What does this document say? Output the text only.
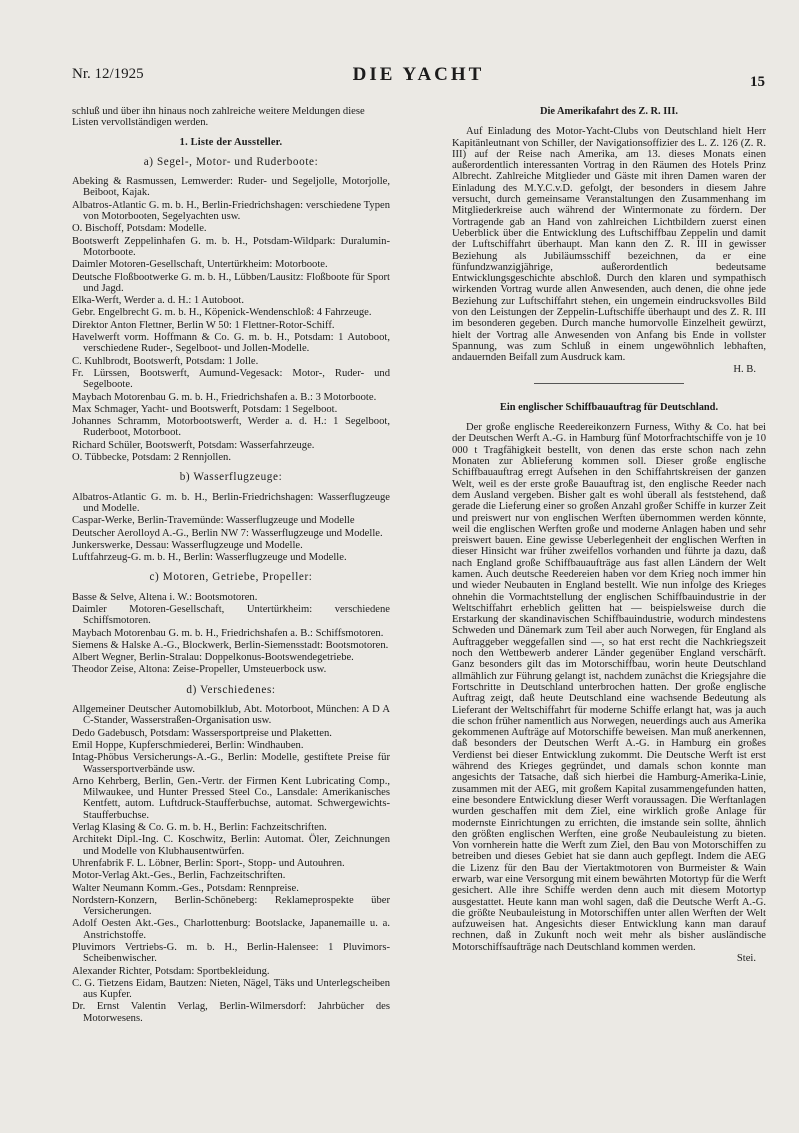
Nr. 12/1925	DIE YACHT	15

schluß und über ihn hinaus noch zahlreiche weitere Meldungen diese Listen vervollständigen werden.

1. Liste der Aussteller.
a) Segel-, Motor- und Ruderboote:
Abeking & Rasmussen, Lemwerder: Ruder- und Segeljolle, Motorjolle, Beiboot, Kajak.
Albatros-Atlantic G. m. b. H., Berlin-Friedrichshagen: verschiedene Typen von Motorbooten, Segelyachten usw.
O. Bischoff, Potsdam: Modelle.
Bootswerft Zeppelinhafen G. m. b. H., Potsdam-Wildpark: Duralumin-Motorboote.
Daimler Motoren-Gesellschaft, Untertürkheim: Motorboote.
Deutsche Floßbootwerke G. m. b. H., Lübben/Lausitz: Floßboote für Sport und Jagd.
Elka-Werft, Werder a. d. H.: 1 Autoboot.
Gebr. Engelbrecht G. m. b. H., Köpenick-Wendenschloß: 4 Fahrzeuge.
Direktor Anton Flettner, Berlin W 50: 1 Flettner-Rotor-Schiff.
Havelwerft vorm. Hoffmann & Co. G. m. b. H., Potsdam: 1 Autoboot, verschiedene Ruder-, Segelboot- und Jollen-Modelle.
C. Kuhlbrodt, Bootswerft, Potsdam: 1 Jolle.
Fr. Lürssen, Bootswerft, Aumund-Vegesack: Motor-, Ruder- und Segelboote.
Maybach Motorenbau G. m. b. H., Friedrichshafen a. B.: 3 Motorboote.
Max Schmager, Yacht- und Bootswerft, Potsdam: 1 Segelboot.
Johannes Schramm, Motorbootswerft, Werder a. d. H.: 1 Segelboot, Ruderboot, Motorboot.
Richard Schüler, Bootswerft, Potsdam: Wasserfahrzeuge.
O. Tübbecke, Potsdam: 2 Rennjollen.
b) Wasserflugzeuge:
Albatros-Atlantic G. m. b. H., Berlin-Friedrichshagen: Wasserflugzeuge und Modelle.
Caspar-Werke, Berlin-Travemünde: Wasserflugzeuge und Modelle
Deutscher Aerolloyd A.-G., Berlin NW 7: Wasserflugzeuge und Modelle.
Junkerswerke, Dessau: Wasserflugzeuge und Modelle.
Luftfahrzeug-G. m. b. H., Berlin: Wasserflugzeuge und Modelle.
c) Motoren, Getriebe, Propeller:
Basse & Selve, Altena i. W.: Bootsmotoren.
Daimler Motoren-Gesellschaft, Untertürkheim: verschiedene Schiffsmotoren.
Maybach Motorenbau G. m. b. H., Friedrichshafen a. B.: Schiffsmotoren.
Siemens & Halske A.-G., Blockwerk, Berlin-Siemensstadt: Bootsmotoren.
Albert Wegner, Berlin-Stralau: Doppelkonus-Bootswendegetriebe.
Theodor Zeise, Altona: Zeise-Propeller, Umsteuerbock usw.
d) Verschiedenes:
Allgemeiner Deutscher Automobilklub, Abt. Motorboot, München: A D A C-Stander, Wasserstraßen-Organisation usw.
Dedo Gadebusch, Potsdam: Wassersportpreise und Plaketten.
Emil Hoppe, Kupferschmiederei, Berlin: Windhauben.
Intag-Phöbus Versicherungs-A.-G., Berlin: Modelle, gestiftete Preise für Wassersportverbände usw.
Arno Kehrberg, Berlin, Gen.-Vertr. der Firmen Kent Lubricating Comp., Milwaukee, und Hunter Pressed Steel Co., Lansdale: Amerikanisches Kentfett, autom. Luftdruck-Staufferbuchse, automat. Schwergewichts-Staufferbuchse.
Verlag Klasing & Co. G. m. b. H., Berlin: Fachzeitschriften.
Architekt Dipl.-Ing. C. Koschwitz, Berlin: Automat. Öler, Zeichnungen und Modelle von Klubhausentwürfen.
Uhrenfabrik F. L. Löbner, Berlin: Sport-, Stopp- und Autouhren.
Motor-Verlag Akt.-Ges., Berlin, Fachzeitschriften.
Walter Neumann Komm.-Ges., Potsdam: Rennpreise.
Nordstern-Konzern, Berlin-Schöneberg: Reklameprospekte über Versicherungen.
Adolf Oesten Akt.-Ges., Charlottenburg: Bootslacke, Japanemaille u. a. Anstrichstoffe.
Pluvimors Vertriebs-G. m. b. H., Berlin-Halensee: 1 Pluvimors-Scheibenwischer.
Alexander Richter, Potsdam: Sportbekleidung.
C. G. Tietzens Eidam, Bautzen: Nieten, Nägel, Täks und Unterlegscheiben aus Kupfer.
Dr. Ernst Valentin Verlag, Berlin-Wilmersdorf: Jahrbücher des Motorwesens.
Die Amerikafahrt des Z. R. III.

Auf Einladung des Motor-Yacht-Clubs von Deutschland hielt Herr Kapitänleutnant von Schiller, der Navigationsoffizier des L. Z. 126 (Z. R. III) auf der Reise nach Amerika, am 13. dieses Monats einen außerordentlich interessanten Vortrag in den Räumen des Hotels Prinz Albrecht. Zahlreiche Mitglieder und Gäste mit ihren Damen waren der Einladung des M.Y.C.v.D. gefolgt, der besonders in diesem Jahre versucht, durch gemeinsame Veranstaltungen den Zusammenhang im Mitgliederkreise auch während der Wintermonate zu fördern. Der Vortragende gab an Hand von zahlreichen Lichtbildern zuerst einen Ueberblick über die Entwicklung des Luftschiffbau Zeppelin und damit der Luftschiffahrt überhaupt. Man kann den Z. R. III in gewisser Beziehung als Jubiläumsschiff bezeichnen, da er eine fünfundzwanzigjährige, außerordentlich bedeutsame Entwicklungsgeschichte abschloß. Durch den klaren und sympathisch wirkenden Vortrag wurde allen Anwesenden, auch denen, die ohne jede Beziehung zur Luftschiffahrt stehen, ein ungemein eindrucksvolles Bild von den Leistungen der Zeppelin-Luftschiffe überhaupt und des Z. R. III im besonderen gegeben. Durch manche humorvolle Einzelheit gewürzt, hielt der Vortrag alle Anwesenden von Anfang bis Ende in vollster Spannung, was zum Schluß in einem ungewöhnlich lebhaften, andauernden Beifall zum Ausdruck kam.

H. B.
Ein englischer Schiffbauauftrag für Deutschland.

Der große englische Reedereikonzern Furness, Withy & Co. hat bei der Deutschen Werft A.-G. in Hamburg fünf Motorfrachtschiffe von je 10 000 t Tragfähigkeit bestellt, von denen das erste schon nach zehn Monaten zur Ablieferung kommen soll. Dieser große englische Schiffbauauftrag erregt Aufsehen in den Schiffahrtskreisen der ganzen Welt, weil es der erste große Bauauftrag ist, den englische Reeder nach dem Ausland vergeben. Bisher galt es wohl überall als feststehend, daß gerade die Lieferung einer so großen Anzahl großer Schiffe in kurzer Zeit und preiswert nur von englischen Werften übernommen werden könnte, weil die englischen Werften große und moderne Anlagen haben und sehr preiswert bauen. Eine gewisse Ueberlegenheit der englischen Werften in dieser Hinsicht war früher zweifellos vorhanden und führte ja dazu, daß nach England große Schiffbauaufträge aus fast allen Ländern der Welt kamen. Auch deutsche Reedereien haben vor dem Krieg noch immer hin und wieder Neubauten in England bestellt. Wie nun infolge des Krieges ohnehin die Vormachtstellung der englischen Schiffbauindustrie in der Weltschiffahrt erheblich gelitten hat — beispielsweise durch die Erstarkung der skandinavischen Schiffbauindustrie, wodurch mindestens Schweden und Dänemark zum Teil aber auch Norwegen, für England als Auftraggeber weggefallen sind —, so hat erst recht die Nachkriegszeit noch den Wettbewerb anderer Länder gegenüber England verschärft. Ganz besonders gilt das im Motorschiffbau, worin heute Deutschland allmählich zur Führung gelangt ist, nachdem zunächst die Kriegsjahre die Fortschritte in Deutschland unterbrochen hatten. Der große englische Auftrag zeigt, daß heute Deutschland eine wachsende Bedeutung als Lieferant der Weltschiffahrt für moderne Schiffe erlangt hat, was ja auch die schon früher namentlich aus Norwegen, neuerdings auch aus Amerika gekommenen Aufträge auf Motorschiffe beweisen. Man muß anerkennen, daß besonders der Deutschen Werft A.-G. in Hamburg ein großes Verdienst bei dieser Entwicklung zukommt. Die Deutsche Werft ist erst während des Krieges gegründet, und damals schon konnte man angesichts der Tatsache, daß sich hierbei die Hamburg-Amerika-Linie, zusammen mit der AEG, mit großem Kapital zusammengefunden hatten, eine besondere Entwicklung dieser Werft voraussagen. Die Werftanlagen wurden geschaffen mit dem Ziel, eine wirklich große Anlage für modernste Einrichtungen zu errichten, die imstande sein sollte, ähnlich den größten englischen Werften, eine große Neubauleistung zu bieten. Von vornherein hatte die Werft zum Ziel, den Bau von Motorschiffen zu betreiben und dieses Gebiet hat sie dann auch gepflegt. Indem die AEG die Lizenz für den Bau der Viertaktmotoren von Burmeister & Wain erwarb, war eine Versorgung mit einem bewährten Motortyp für die Werft gesichert. Alle ihre Schiffe werden denn auch mit diesem Motortyp ausgestattet. Heute kann man wohl sagen, daß die Deutsche Werft A.-G. die größte Neubauleistung in Motorschiffen unter allen Werften der Welt aufzuweisen hat. Angesichts dieser Entwicklung kann man darauf rechnen, daß in Zukunft noch weit mehr als bisher ausländische Motorschiffsaufträge nach Deutschland kommen werden.

Stei.
